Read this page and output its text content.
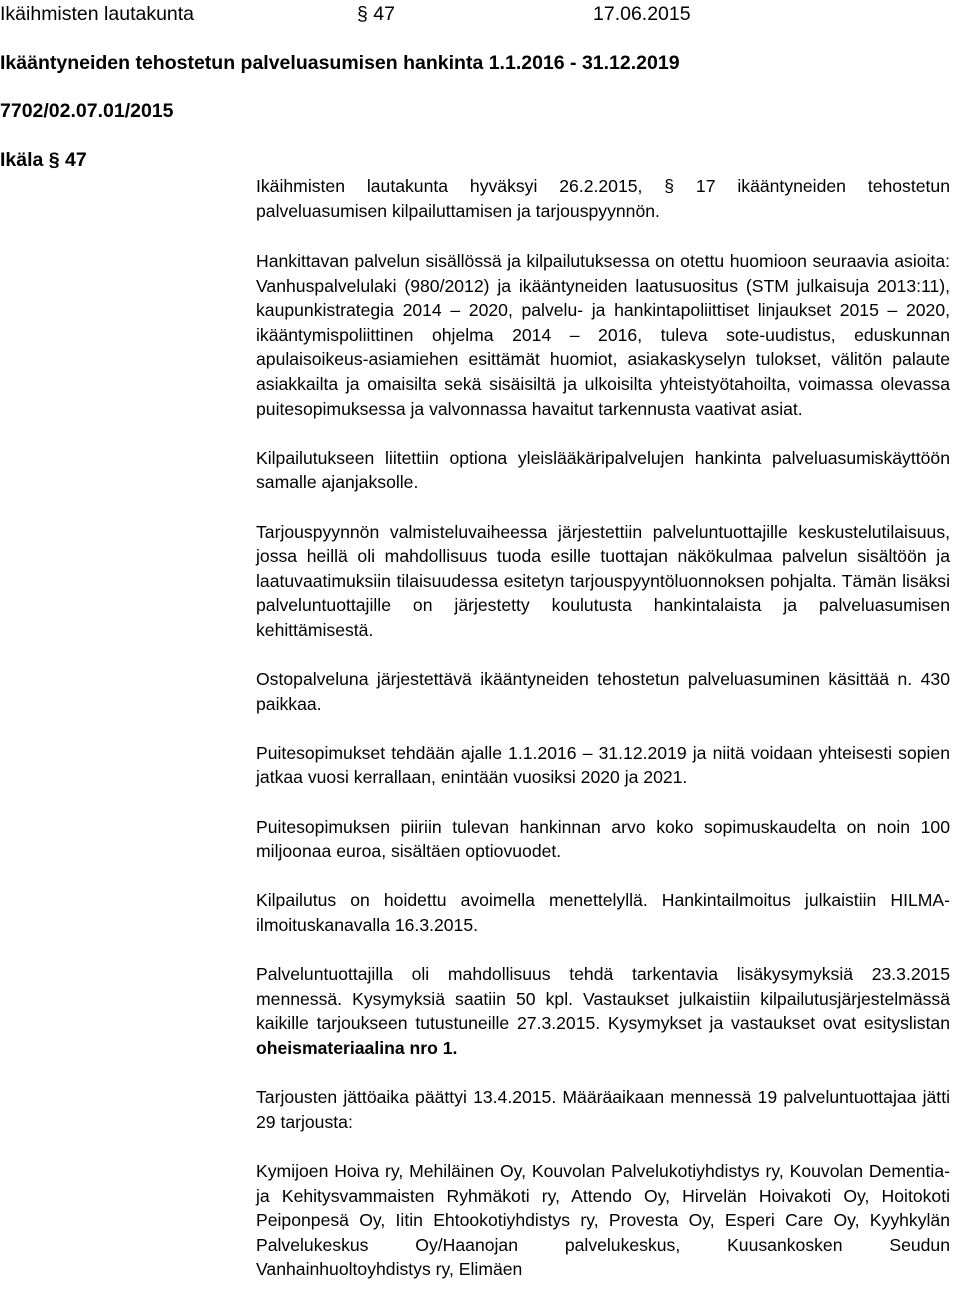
Ikäihmisten lautakunta	§ 47	17.06.2015
Ikääntyneiden tehostetun palveluasumisen hankinta 1.1.2016 - 31.12.2019
7702/02.07.01/2015
Ikäla § 47

Ikäihmisten lautakunta hyväksyi 26.2.2015, § 17 ikääntyneiden tehostetun palveluasumisen kilpailuttamisen ja tarjouspyynnön.

Hankittavan palvelun sisällössä ja kilpailutuksessa on otettu huomioon seuraavia asioita: Vanhuspalvelulaki (980/2012) ja ikääntyneiden laatusuositus (STM julkaisuja 2013:11), kaupunkistrategia 2014 – 2020, palvelu- ja hankintapoliittiset linjaukset 2015 – 2020, ikääntymispoliittinen ohjelma 2014 – 2016, tuleva sote-uudistus, eduskunnan apulaisoikeus-asiamiehen esittämät huomiot, asiakaskyselyn tulokset, välitön palaute asiakkailta ja omaisilta sekä sisäisiltä ja ulkoisilta yhteistyötahoilta, voimassa olevassa puitesopimuksessa ja valvonnassa havaitut tarkennusta vaativat asiat.

Kilpailutukseen liitettiin optiona yleislääkäripalvelujen hankinta palveluasumiskäyttöön samalle ajanjaksolle.

Tarjouspyynnön valmisteluvaiheessa järjestettiin palveluntuottajille keskustelutilaisuus, jossa heillä oli mahdollisuus tuoda esille tuottajan näkökulmaa palvelun sisältöön ja laatuvaatimuksiin tilaisuudessa esitetyn tarjouspyyntöluonnoksen pohjalta. Tämän lisäksi palveluntuottajille on järjestetty koulutusta hankintalaista ja palveluasumisen kehittämisestä.

Ostopalveluna järjestettävä ikääntyneiden tehostetun palveluasuminen käsittää n. 430 paikkaa.

Puitesopimukset tehdään ajalle 1.1.2016 – 31.12.2019 ja niitä voidaan yhteisesti sopien jatkaa vuosi kerrallaan, enintään vuosiksi 2020 ja 2021.

Puitesopimuksen piiriin tulevan hankinnan arvo koko sopimuskaudelta on noin 100 miljoonaa euroa, sisältäen optiovuodet.

Kilpailutus on hoidettu avoimella menettelyllä. Hankintailmoitus julkaistiin HILMA-ilmoituskanavalla 16.3.2015.

Palveluntuottajilla oli mahdollisuus tehdä tarkentavia lisäkysymyksiä 23.3.2015 mennessä. Kysymyksiä saatiin 50 kpl. Vastaukset julkaistiin kilpailutusjärjestelmässä kaikille tarjoukseen tutustuneille 27.3.2015. Kysymykset ja vastaukset ovat esityslistan oheismateriaalina nro 1.

Tarjousten jättöaika päättyi 13.4.2015. Määräaikaan mennessä 19 palveluntuottajaa jätti 29 tarjousta:

Kymijoen Hoiva ry, Mehiläinen Oy, Kouvolan Palvelukotiyhdistys ry, Kouvolan Dementia- ja Kehitysvammaisten Ryhmäkoti ry, Attendo Oy, Hirvelän Hoivakoti Oy, Hoitokoti Peiponpesä Oy, Iitin Ehtookotiyhdistys ry, Provesta Oy, Esperi Care Oy, Kyyhkylän Palvelukeskus Oy/Haanojan palvelukeskus, Kuusankosken Seudun Vanhainhuoltoyhdistys ry, Elimäen
